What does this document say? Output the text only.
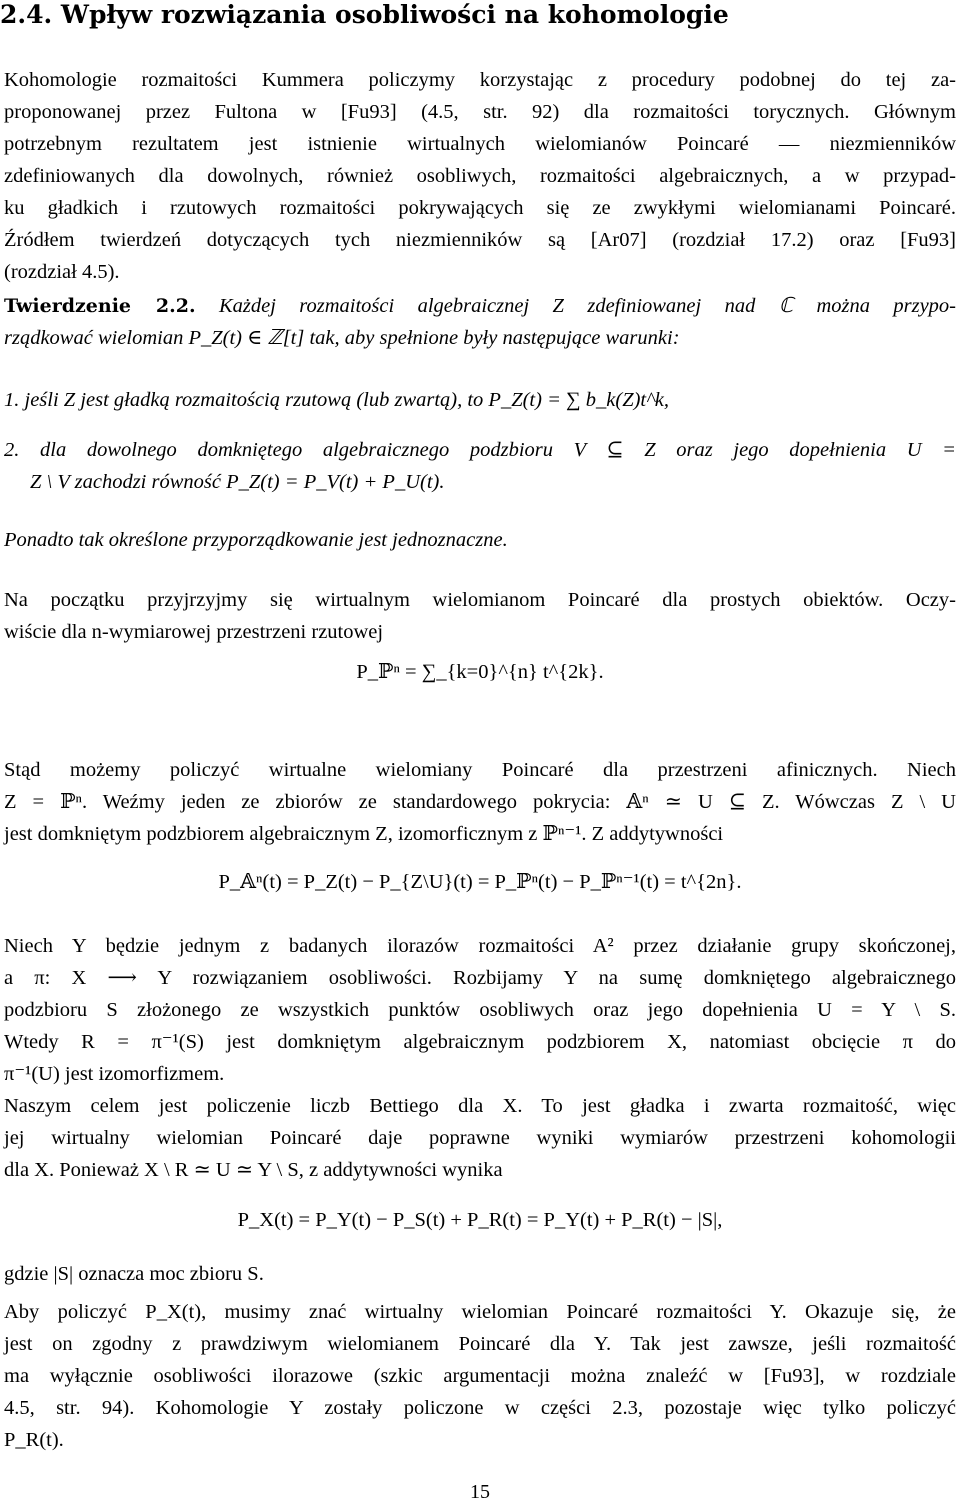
2.4. Wpływ rozwiązania osobliwości na kohomologie
Kohomologie rozmaitości Kummera policzymy korzystając z procedury podobnej do tej za-
proponowanej przez Fultona w [Fu93] (4.5, str. 92) dla rozmaitości torycznych. Głównym
potrzebnym rezultatem jest istnienie wirtualnych wielomianów Poincaré — niezmienników
zdefiniowanych dla dowolnych, również osobliwych, rozmaitości algebraicznych, a w przypad-
ku gładkich i rzutowych rozmaitości pokrywających się ze zwykłymi wielomianami Poincaré.
Źródłem twierdzeń dotyczących tych niezmienników są [Ar07] (rozdział 17.2) oraz [Fu93]
(rozdział 4.5).
Twierdzenie 2.2. Każdej rozmaitości algebraicznej Z zdefiniowanej nad ℂ można przypo-
rządkować wielomian P_Z(t) ∈ ℤ[t] tak, aby spełnione były następujące warunki:
1. jeśli Z jest gładką rozmaitością rzutową (lub zwartą), to P_Z(t) = ∑ b_k(Z)t^k,
2. dla dowolnego domkniętego algebraicznego podzbioru V ⊆ Z oraz jego dopełnienia U =
Z \ V zachodzi równość P_Z(t) = P_V(t) + P_U(t).
Ponadto tak określone przyporządkowanie jest jednoznaczne.
Na początku przyjrzyjmy się wirtualnym wielomianom Poincaré dla prostych obiektów. Oczy-
wiście dla n-wymiarowej przestrzeni rzutowej
P_ℙⁿ = ∑_{k=0}^{n} t^{2k}.
Stąd możemy policzyć wirtualne wielomiany Poincaré dla przestrzeni afinicznych. Niech
Z = ℙⁿ. Weźmy jeden ze zbiorów ze standardowego pokrycia: 𝔸ⁿ ≃ U ⊆ Z. Wówczas Z \ U
jest domkniętym podzbiorem algebraicznym Z, izomorficznym z ℙⁿ⁻¹. Z addytywności
P_𝔸ⁿ(t) = P_Z(t) − P_{Z\U}(t) = P_ℙⁿ(t) − P_ℙⁿ⁻¹(t) = t^{2n}.
Niech Y będzie jednym z badanych ilorazów rozmaitości A² przez działanie grupy skończonej,
a π: X ⟶ Y rozwiązaniem osobliwości. Rozbijamy Y na sumę domkniętego algebraicznego
podzbioru S złożonego ze wszystkich punktów osobliwych oraz jego dopełnienia U = Y \ S.
Wtedy R = π⁻¹(S) jest domkniętym algebraicznym podzbiorem X, natomiast obcięcie π do
π⁻¹(U) jest izomorfizmem.
Naszym celem jest policzenie liczb Bettiego dla X. To jest gładka i zwarta rozmaitość, więc
jej wirtualny wielomian Poincaré daje poprawne wyniki wymiarów przestrzeni kohomologii
dla X. Ponieważ X \ R ≃ U ≃ Y \ S, z addytywności wynika
P_X(t) = P_Y(t) − P_S(t) + P_R(t) = P_Y(t) + P_R(t) − |S|,
gdzie |S| oznacza moc zbioru S.
Aby policzyć P_X(t), musimy znać wirtualny wielomian Poincaré rozmaitości Y. Okazuje się, że
jest on zgodny z prawdziwym wielomianem Poincaré dla Y. Tak jest zawsze, jeśli rozmaitość
ma wyłącznie osobliwości ilorazowe (szkic argumentacji można znaleźć w [Fu93], w rozdziale
4.5, str. 94). Kohomologie Y zostały policzone w części 2.3, pozostaje więc tylko policzyć
P_R(t).
15
